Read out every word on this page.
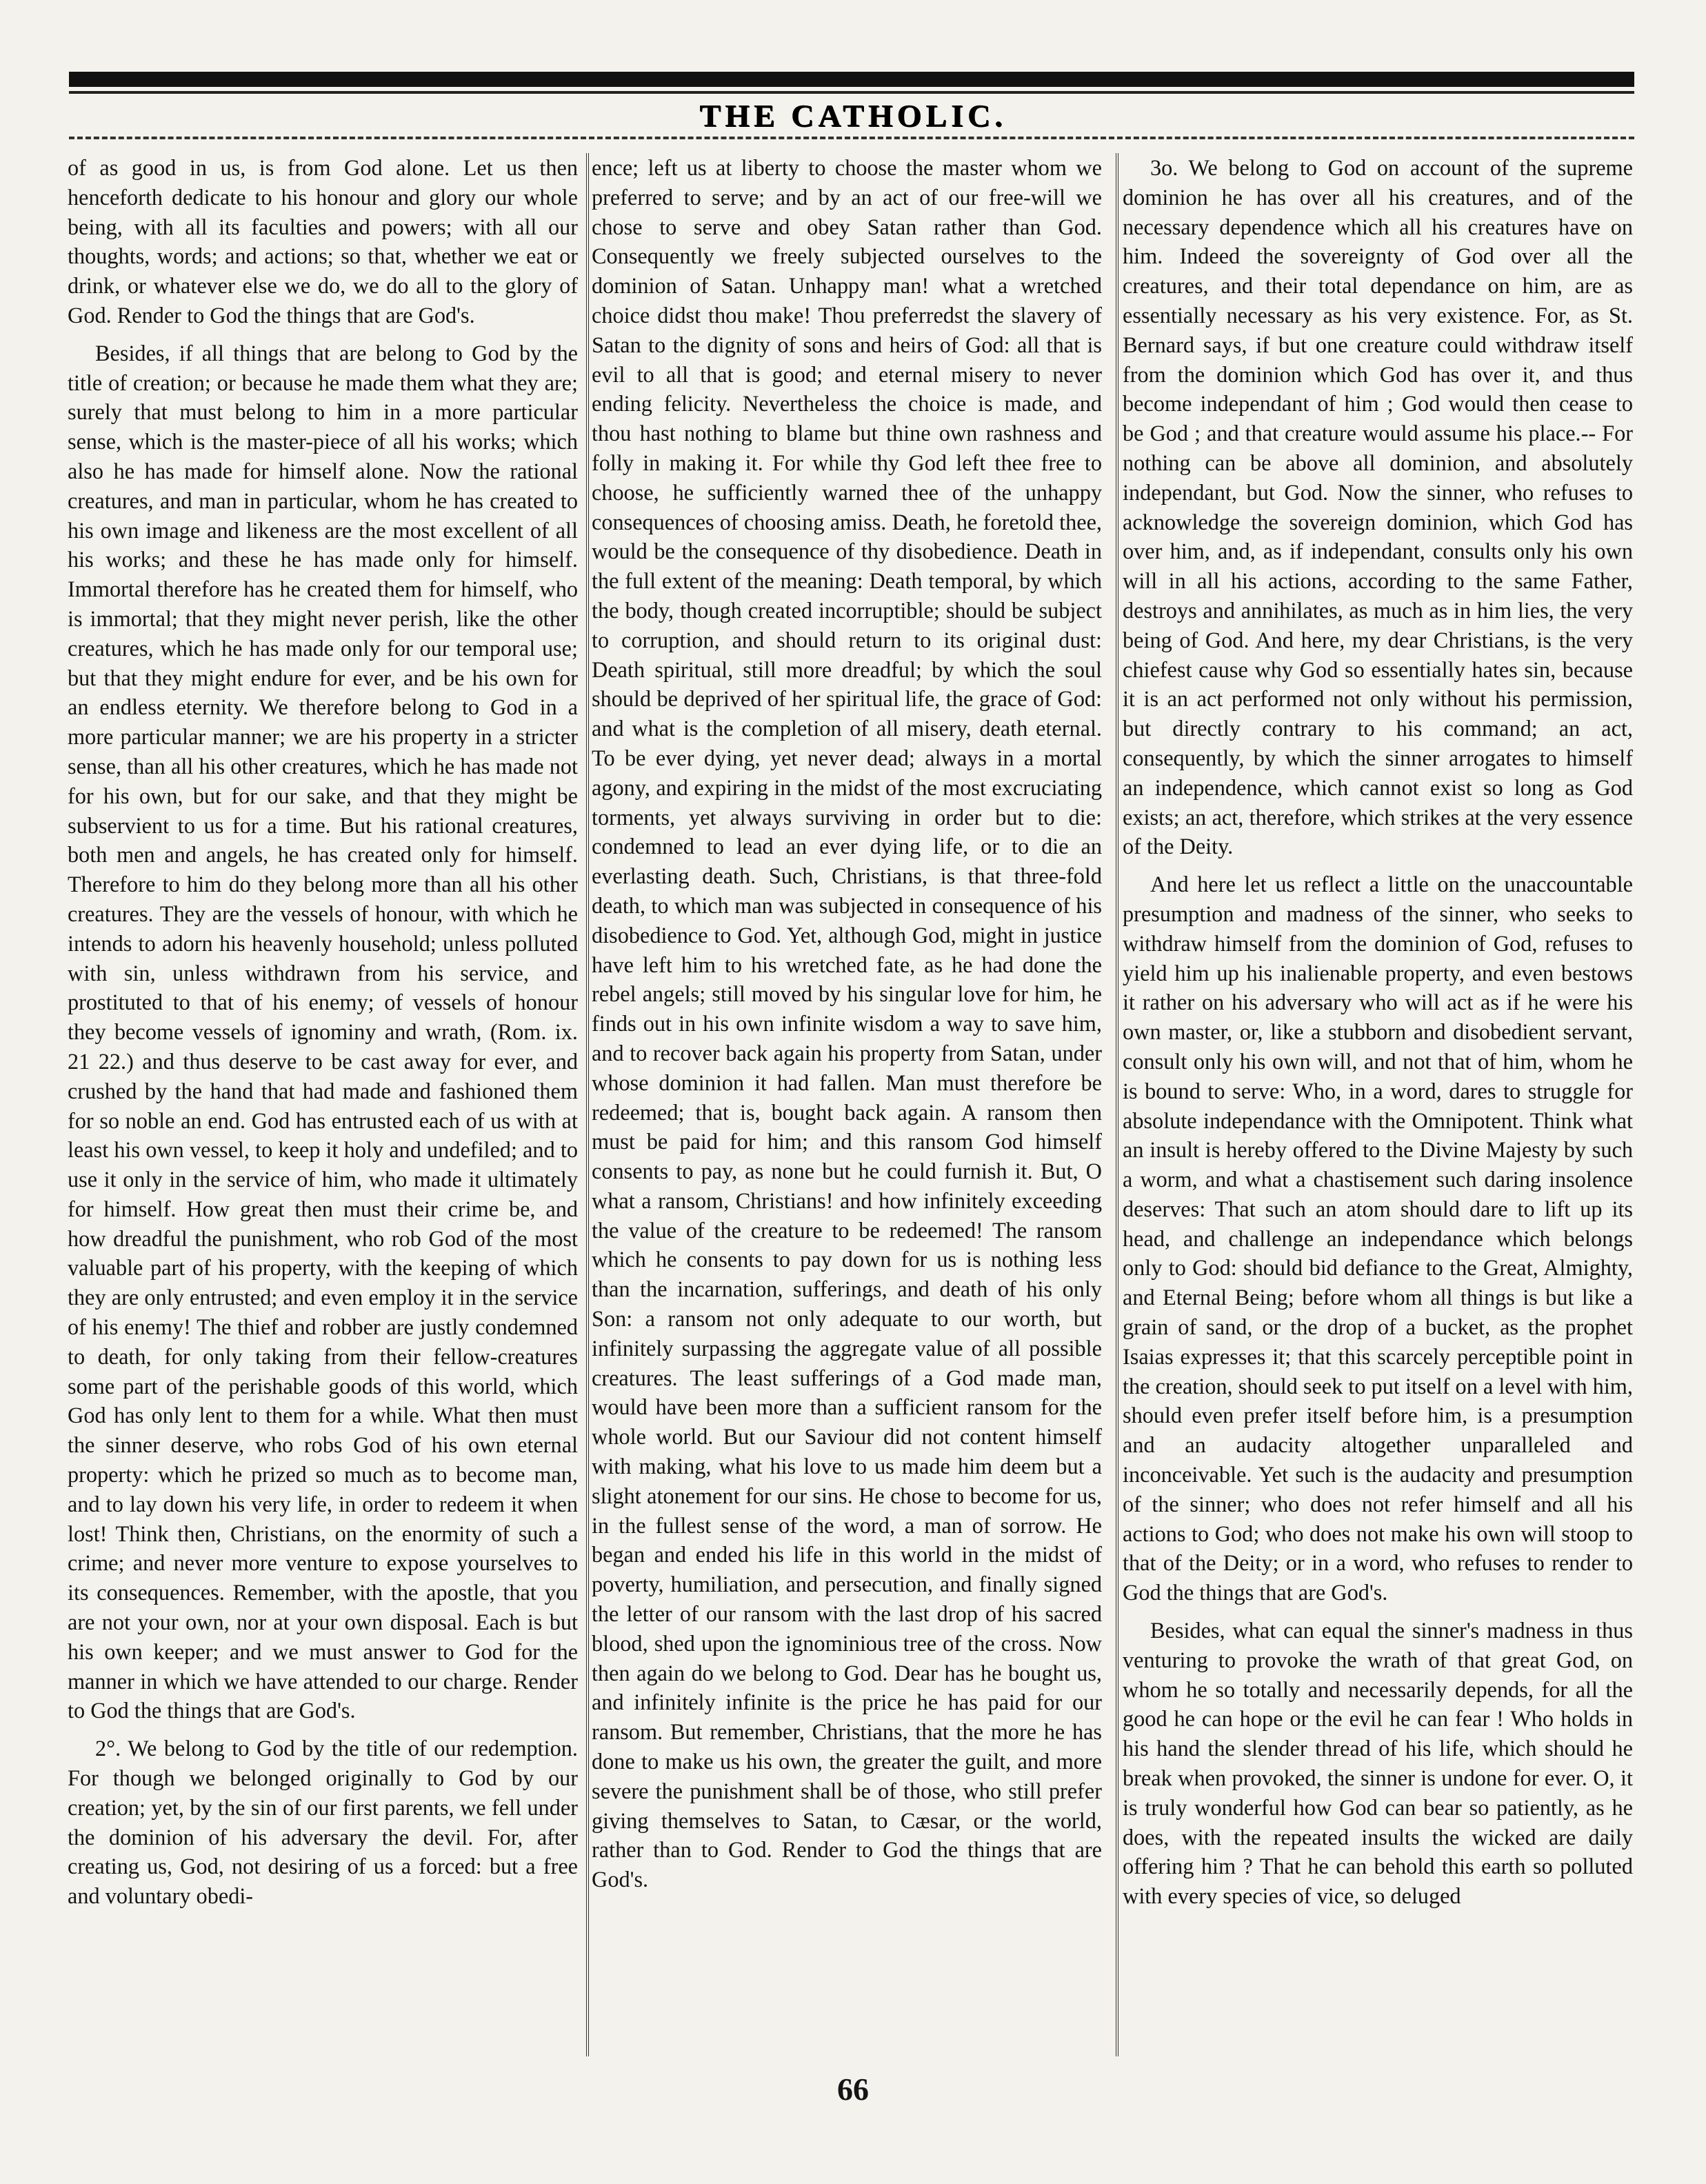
THE CATHOLIC.

of as good in us, is from God alone. Let us then henceforth dedicate to his honour and glory our whole being, with all its faculties and powers; with all our thoughts, words; and actions; so that, whether we eat or drink, or whatever else we do, we do all to the glory of God. Render to God the things that are God's.

Besides, if all things that are belong to God by the title of creation; or because he made them what they are; surely that must belong to him in a more particular sense, which is the master-piece of all his works; which also he has made for himself alone. Now the rational creatures, and man in particular, whom he has created to his own image and likeness are the most excellent of all his works; and these he has made only for himself. Immortal therefore has he created them for himself, who is immortal; that they might never perish, like the other creatures, which he has made only for our temporal use; but that they might endure for ever, and be his own for an endless eternity. We therefore belong to God in a more particular manner; we are his property in a stricter sense, than all his other creatures, which he has made not for his own, but for our sake, and that they might be subservient to us for a time. But his rational creatures, both men and angels, he has created only for himself. Therefore to him do they belong more than all his other creatures. They are the vessels of honour, with which he intends to adorn his heavenly household; unless polluted with sin, unless withdrawn from his service, and prostituted to that of his enemy; of vessels of honour they become vessels of ignominy and wrath, (Rom. ix. 21 22.) and thus deserve to be cast away for ever, and crushed by the hand that had made and fashioned them for so noble an end. God has entrusted each of us with at least his own vessel, to keep it holy and undefiled; and to use it only in the service of him, who made it ultimately for himself. How great then must their crime be, and how dreadful the punishment, who rob God of the most valuable part of his property, with the keeping of which they are only entrusted; and even employ it in the service of his enemy! The thief and robber are justly condemned to death, for only taking from their fellow-creatures some part of the perishable goods of this world, which God has only lent to them for a while. What then must the sinner deserve, who robs God of his own eternal property: which he prized so much as to become man, and to lay down his very life, in order to redeem it when lost! Think then, Christians, on the enormity of such a crime; and never more venture to expose yourselves to its consequences. Remember, with the apostle, that you are not your own, nor at your own disposal. Each is but his own keeper; and we must answer to God for the manner in which we have attended to our charge. Render to God the things that are God's.

2°. We belong to God by the title of our redemption. For though we belonged originally to God by our creation; yet, by the sin of our first parents, we fell under the dominion of his adversary the devil. For, after creating us, God, not desiring of us a forced: but a free and voluntary obedi-

ence; left us at liberty to choose the master whom we preferred to serve; and by an act of our free-will we chose to serve and obey Satan rather than God. Consequently we freely subjected ourselves to the dominion of Satan. Unhappy man! what a wretched choice didst thou make! Thou preferredst the slavery of Satan to the dignity of sons and heirs of God: all that is evil to all that is good; and eternal misery to never ending felicity. Nevertheless the choice is made, and thou hast nothing to blame but thine own rashness and folly in making it. For while thy God left thee free to choose, he sufficiently warned thee of the unhappy consequences of choosing amiss. Death, he foretold thee, would be the consequence of thy disobedience. Death in the full extent of the meaning: Death temporal, by which the body, though created incorruptible; should be subject to corruption, and should return to its original dust: Death spiritual, still more dreadful; by which the soul should be deprived of her spiritual life, the grace of God: and what is the completion of all misery, death eternal. To be ever dying, yet never dead; always in a mortal agony, and expiring in the midst of the most excruciating torments, yet always surviving in order but to die: condemned to lead an ever dying life, or to die an everlasting death. Such, Christians, is that three-fold death, to which man was subjected in consequence of his disobedience to God. Yet, although God, might in justice have left him to his wretched fate, as he had done the rebel angels; still moved by his singular love for him, he finds out in his own infinite wisdom a way to save him, and to recover back again his property from Satan, under whose dominion it had fallen. Man must therefore be redeemed; that is, bought back again. A ransom then must be paid for him; and this ransom God himself consents to pay, as none but he could furnish it. But, O what a ransom, Christians! and how infinitely exceeding the value of the creature to be redeemed! The ransom which he consents to pay down for us is nothing less than the incarnation, sufferings, and death of his only Son: a ransom not only adequate to our worth, but infinitely surpassing the aggregate value of all possible creatures. The least sufferings of a God made man, would have been more than a sufficient ransom for the whole world. But our Saviour did not content himself with making, what his love to us made him deem but a slight atonement for our sins. He chose to become for us, in the fullest sense of the word, a man of sorrow. He began and ended his life in this world in the midst of poverty, humiliation, and persecution, and finally signed the letter of our ransom with the last drop of his sacred blood, shed upon the ignominious tree of the cross. Now then again do we belong to God. Dear has he bought us, and infinitely infinite is the price he has paid for our ransom. But remember, Christians, that the more he has done to make us his own, the greater the guilt, and more severe the punishment shall be of those, who still prefer giving themselves to Satan, to Cæsar, or the world, rather than to God. Render to God the things that are God's.

3o. We belong to God on account of the supreme dominion he has over all his creatures, and of the necessary dependence which all his creatures have on him. Indeed the sovereignty of God over all the creatures, and their total dependance on him, are as essentially necessary as his very existence. For, as St. Bernard says, if but one creature could withdraw itself from the dominion which God has over it, and thus become independant of him ; God would then cease to be God ; and that creature would assume his place.-- For nothing can be above all dominion, and absolutely independant, but God. Now the sinner, who refuses to acknowledge the sovereign dominion, which God has over him, and, as if independant, consults only his own will in all his actions, according to the same Father, destroys and annihilates, as much as in him lies, the very being of God. And here, my dear Christians, is the very chiefest cause why God so essentially hates sin, because it is an act performed not only without his permission, but directly contrary to his command; an act, consequently, by which the sinner arrogates to himself an independence, which cannot exist so long as God exists; an act, therefore, which strikes at the very essence of the Deity.

And here let us reflect a little on the unaccountable presumption and madness of the sinner, who seeks to withdraw himself from the dominion of God, refuses to yield him up his inalienable property, and even bestows it rather on his adversary who will act as if he were his own master, or, like a stubborn and disobedient servant, consult only his own will, and not that of him, whom he is bound to serve: Who, in a word, dares to struggle for absolute independance with the Omnipotent. Think what an insult is hereby offered to the Divine Majesty by such a worm, and what a chastisement such daring insolence deserves: That such an atom should dare to lift up its head, and challenge an independance which belongs only to God: should bid defiance to the Great, Almighty, and Eternal Being; before whom all things is but like a grain of sand, or the drop of a bucket, as the prophet Isaias expresses it; that this scarcely perceptible point in the creation, should seek to put itself on a level with him, should even prefer itself before him, is a presumption and an audacity altogether unparalleled and inconceivable. Yet such is the audacity and presumption of the sinner; who does not refer himself and all his actions to God; who does not make his own will stoop to that of the Deity; or in a word, who refuses to render to God the things that are God's.

Besides, what can equal the sinner's madness in thus venturing to provoke the wrath of that great God, on whom he so totally and necessarily depends, for all the good he can hope or the evil he can fear ! Who holds in his hand the slender thread of his life, which should he break when provoked, the sinner is undone for ever. O, it is truly wonderful how God can bear so patiently, as he does, with the repeated insults the wicked are daily offering him ? That he can behold this earth so polluted with every species of vice, so deluged

66
